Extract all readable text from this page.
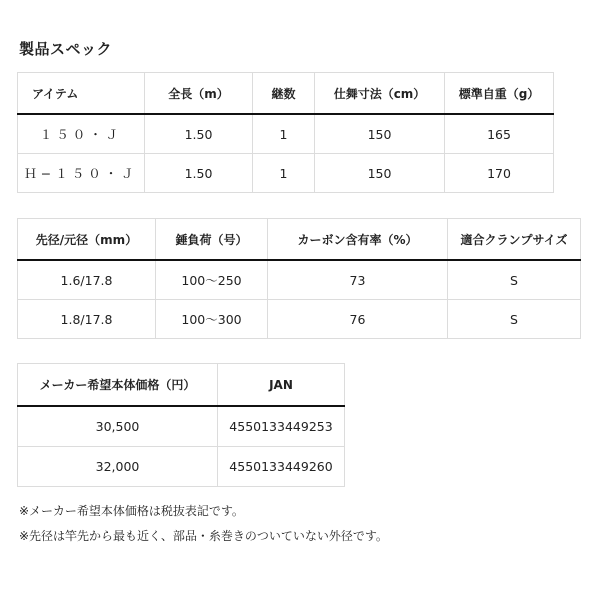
製品スペック
アイテム	全長（m）	継数	仕舞寸法（cm）	標準自重（g）
１５０・Ｊ	1.50	1	150	165
Ｈ−１５０・Ｊ	1.50	1	150	170
先径/元径（mm）	錘負荷（号）	カーボン含有率（%）	適合クランプサイズ
1.6/17.8	100〜250	73	S
1.8/17.8	100〜300	76	S
メーカー希望本体価格（円）	JAN
30,500	4550133449253
32,000	4550133449260
※メーカー希望本体価格は税抜表記です。
※先径は竿先から最も近く、部品・糸巻きのついていない外径です。
